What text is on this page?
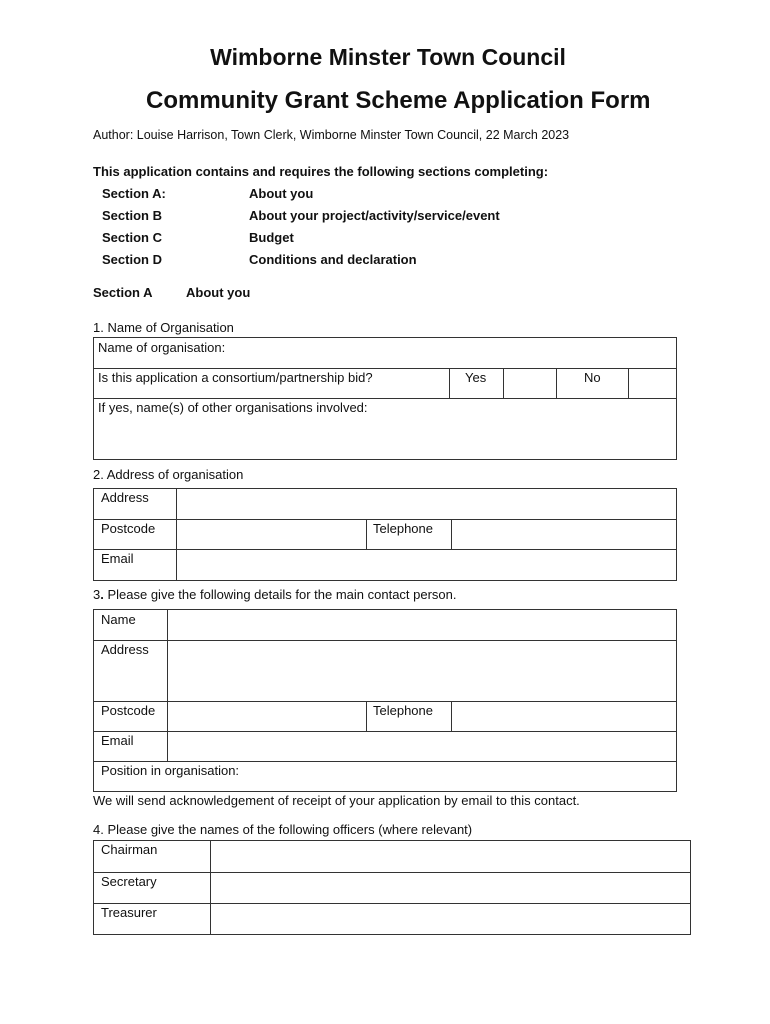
Wimborne Minster Town Council
Community Grant Scheme Application Form
Author: Louise Harrison, Town Clerk, Wimborne Minster Town Council, 22 March 2023
This application contains and requires the following sections completing:
Section A:	About you
Section B	About your project/activity/service/event
Section C	Budget
Section D	Conditions and declaration
Section A	About you
1. Name of Organisation
Name of organisation:
Is this application a consortium/partnership bid?	Yes	No
If yes, name(s) of other organisations involved:
2. Address of organisation
Address
Postcode	Telephone
Email
3. Please give the following details for the main contact person.
Name
Address
Postcode	Telephone
Email
Position in organisation:
We will send acknowledgement of receipt of your application by email to this contact.
4. Please give the names of the following officers (where relevant)
Chairman
Secretary
Treasurer
